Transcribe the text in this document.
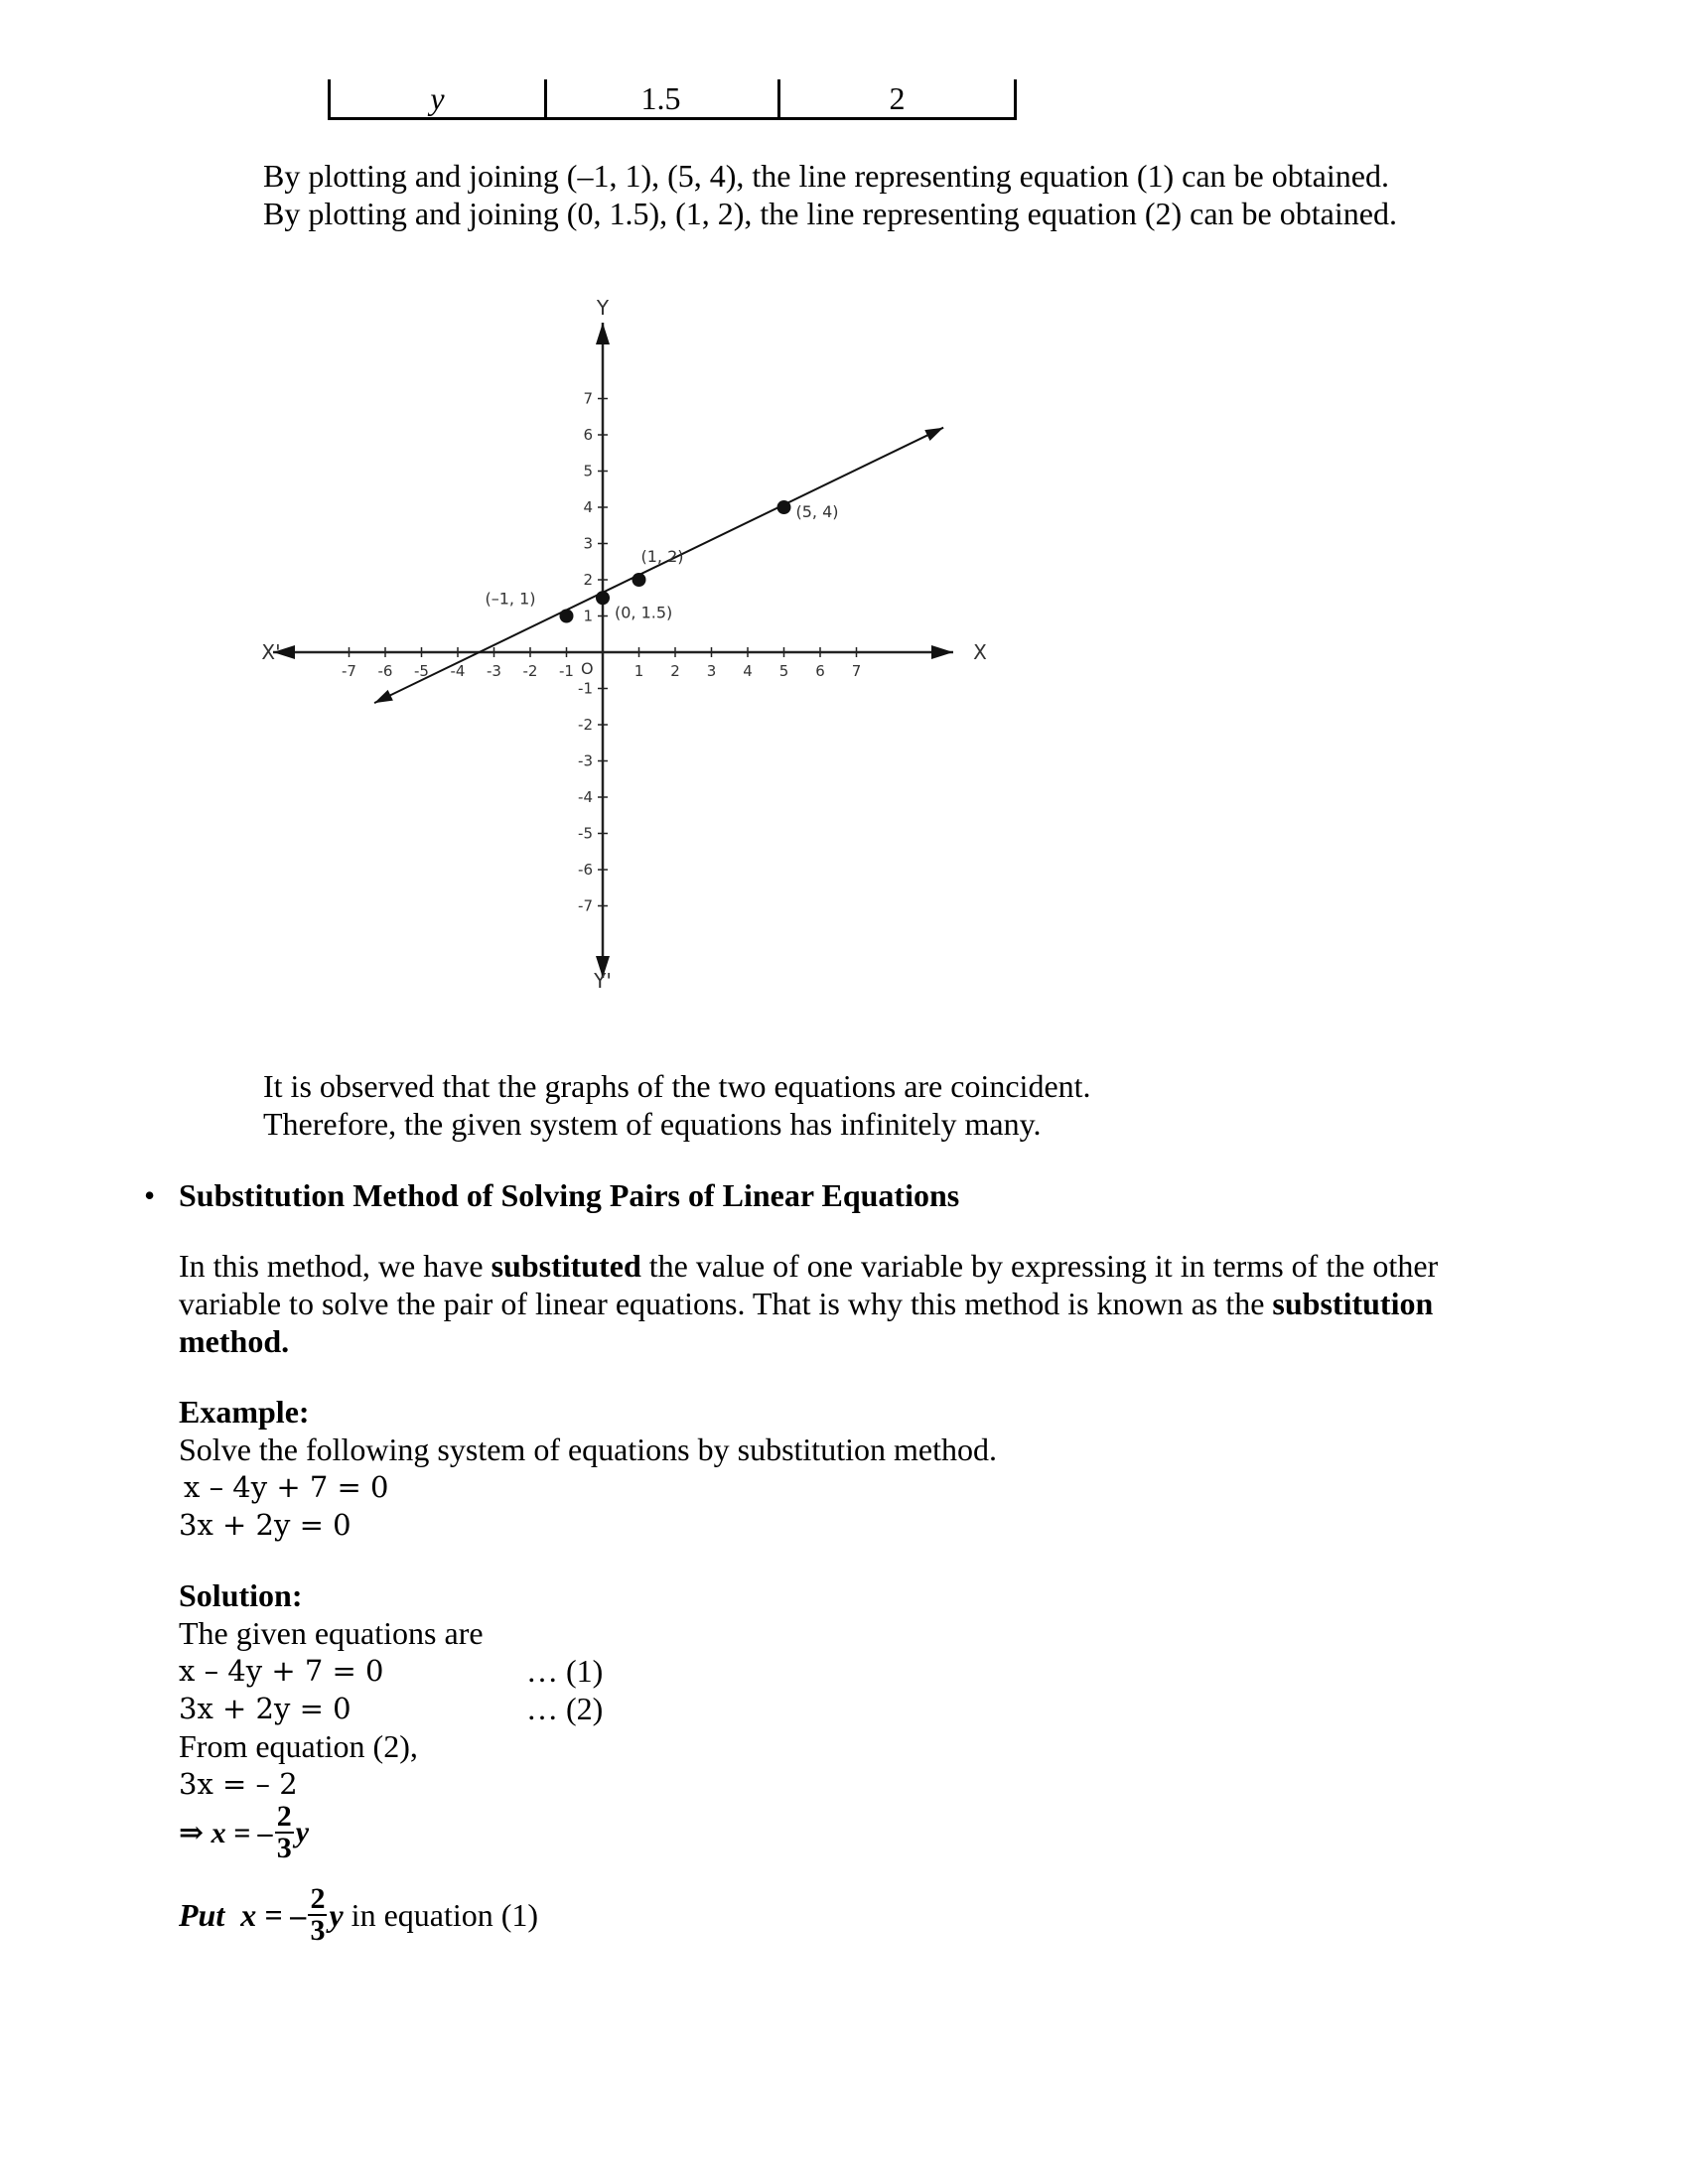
y	1.5	2
By plotting and joining (–1, 1), (5, 4), the line representing equation (1) can be obtained.
By plotting and joining (0, 1.5), (1, 2), the line representing equation (2) can be obtained.
X
X'
Y
Y'
O
-7 -6 -5 -4 -3 -2 -1	1 2 3 4 5 6 7
7
6
5
4
3
2
1
-1
-2
-3
-4
-5
-6
-7
(–1, 1)
(0, 1.5)
(1, 2)
(5, 4)
It is observed that the graphs of the two equations are coincident.
Therefore, the given system of equations has infinitely many.
• Substitution Method of Solving Pairs of Linear Equations
In this method, we have substituted the value of one variable by expressing it in terms of the other
variable to solve the pair of linear equations. That is why this method is known as the substitution
method.
Example:
Solve the following system of equations by substitution method.
x – 4y + 7 = 0
3x + 2y = 0
Solution:
The given equations are
x – 4y + 7 = 0	… (1)
3x + 2y = 0	… (2)
From equation (2),
3x = – 2
⇒ x = – $\frac{2}{3}$ y
Put  x = – $\frac{2}{3}$ y in equation (1)
